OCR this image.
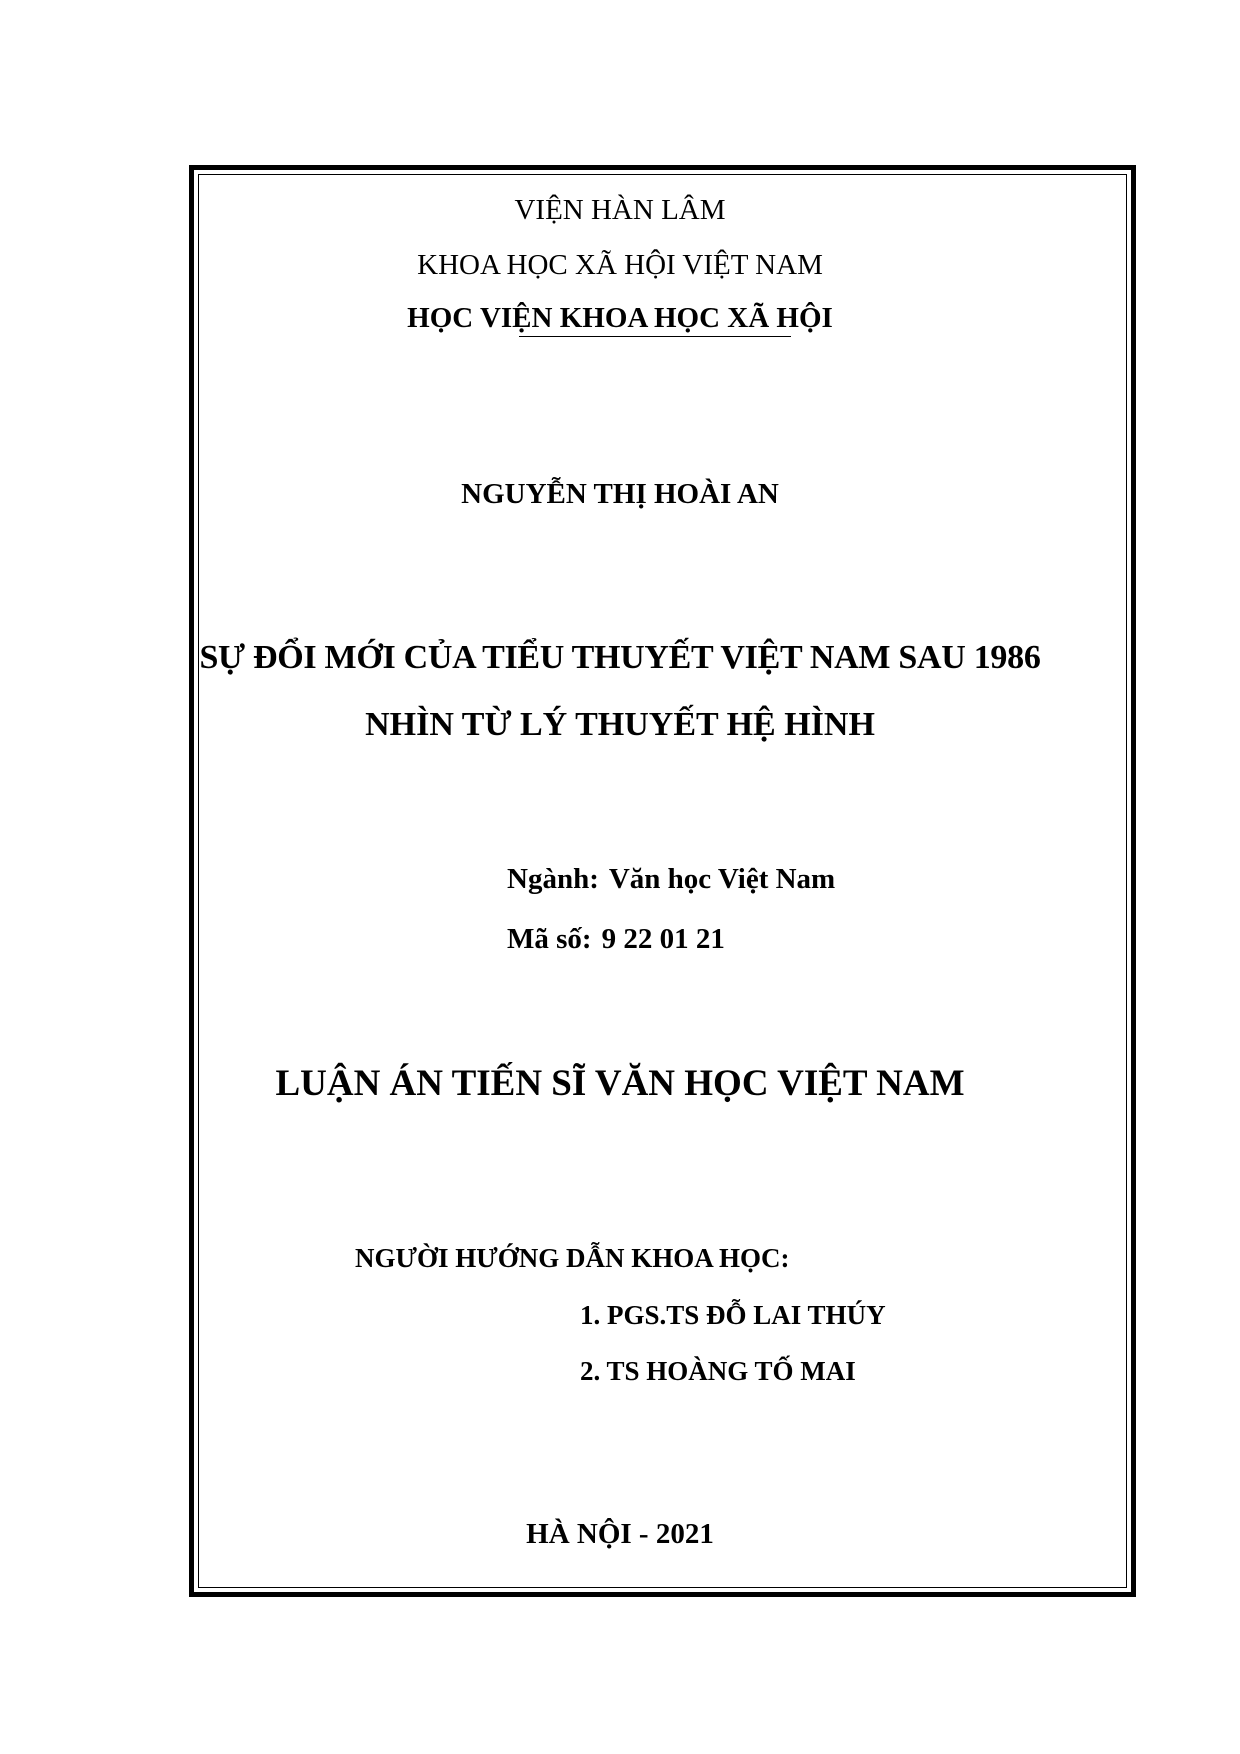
VIỆN HÀN LÂM
KHOA HỌC XÃ HỘI VIỆT NAM
HỌC VIỆN KHOA HỌC XÃ HỘI
NGUYỄN THỊ HOÀI AN
SỰ ĐỔI MỚI CỦA TIỂU THUYẾT VIỆT NAM SAU 1986
NHÌN TỪ LÝ THUYẾT HỆ HÌNH
Ngành: Văn học Việt Nam
Mã số: 9 22 01 21
LUẬN ÁN TIẾN SĨ VĂN HỌC VIỆT NAM
NGƯỜI HƯỚNG DẪN KHOA HỌC:
1. PGS.TS ĐỖ LAI THÚY
2. TS HOÀNG TỐ MAI
HÀ NỘI - 2021
